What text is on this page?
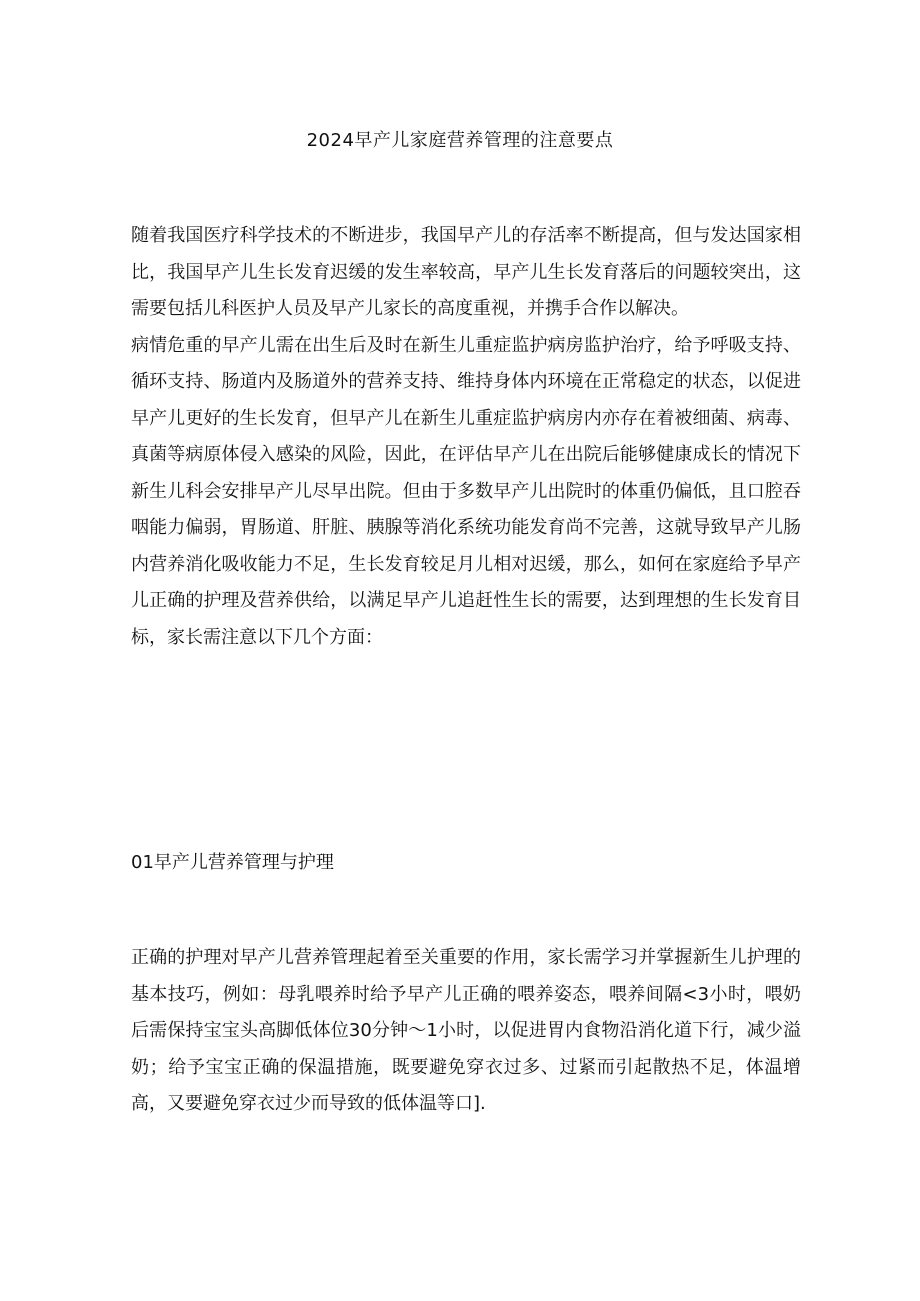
2024早产儿家庭营养管理的注意要点

随着我国医疗科学技术的不断进步，我国早产儿的存活率不断提高，但与发达国家相比，我国早产儿生长发育迟缓的发生率较高，早产儿生长发育落后的问题较突出，这需要包括儿科医护人员及早产儿家长的高度重视，并携手合作以解决。

病情危重的早产儿需在出生后及时在新生儿重症监护病房监护治疗，给予呼吸支持、循环支持、肠道内及肠道外的营养支持、维持身体内环境在正常稳定的状态，以促进早产儿更好的生长发育，但早产儿在新生儿重症监护病房内亦存在着被细菌、病毒、真菌等病原体侵入感染的风险，因此，在评估早产儿在出院后能够健康成长的情况下新生儿科会安排早产儿尽早出院。但由于多数早产儿出院时的体重仍偏低，且口腔吞咽能力偏弱，胃肠道、肝脏、胰腺等消化系统功能发育尚不完善，这就导致早产儿肠内营养消化吸收能力不足，生长发育较足月儿相对迟缓，那么，如何在家庭给予早产儿正确的护理及营养供给，以满足早产儿追赶性生长的需要，达到理想的生长发育目标，家长需注意以下几个方面：

01早产儿营养管理与护理

正确的护理对早产儿营养管理起着至关重要的作用，家长需学习并掌握新生儿护理的基本技巧，例如：母乳喂养时给予早产儿正确的喂养姿态，喂养间隔<3小时，喂奶后需保持宝宝头高脚低体位30分钟〜1小时，以促进胃内食物沿消化道下行，减少溢奶；给予宝宝正确的保温措施，既要避免穿衣过多、过紧而引起散热不足，体温增高，又要避免穿衣过少而导致的低体温等口].
